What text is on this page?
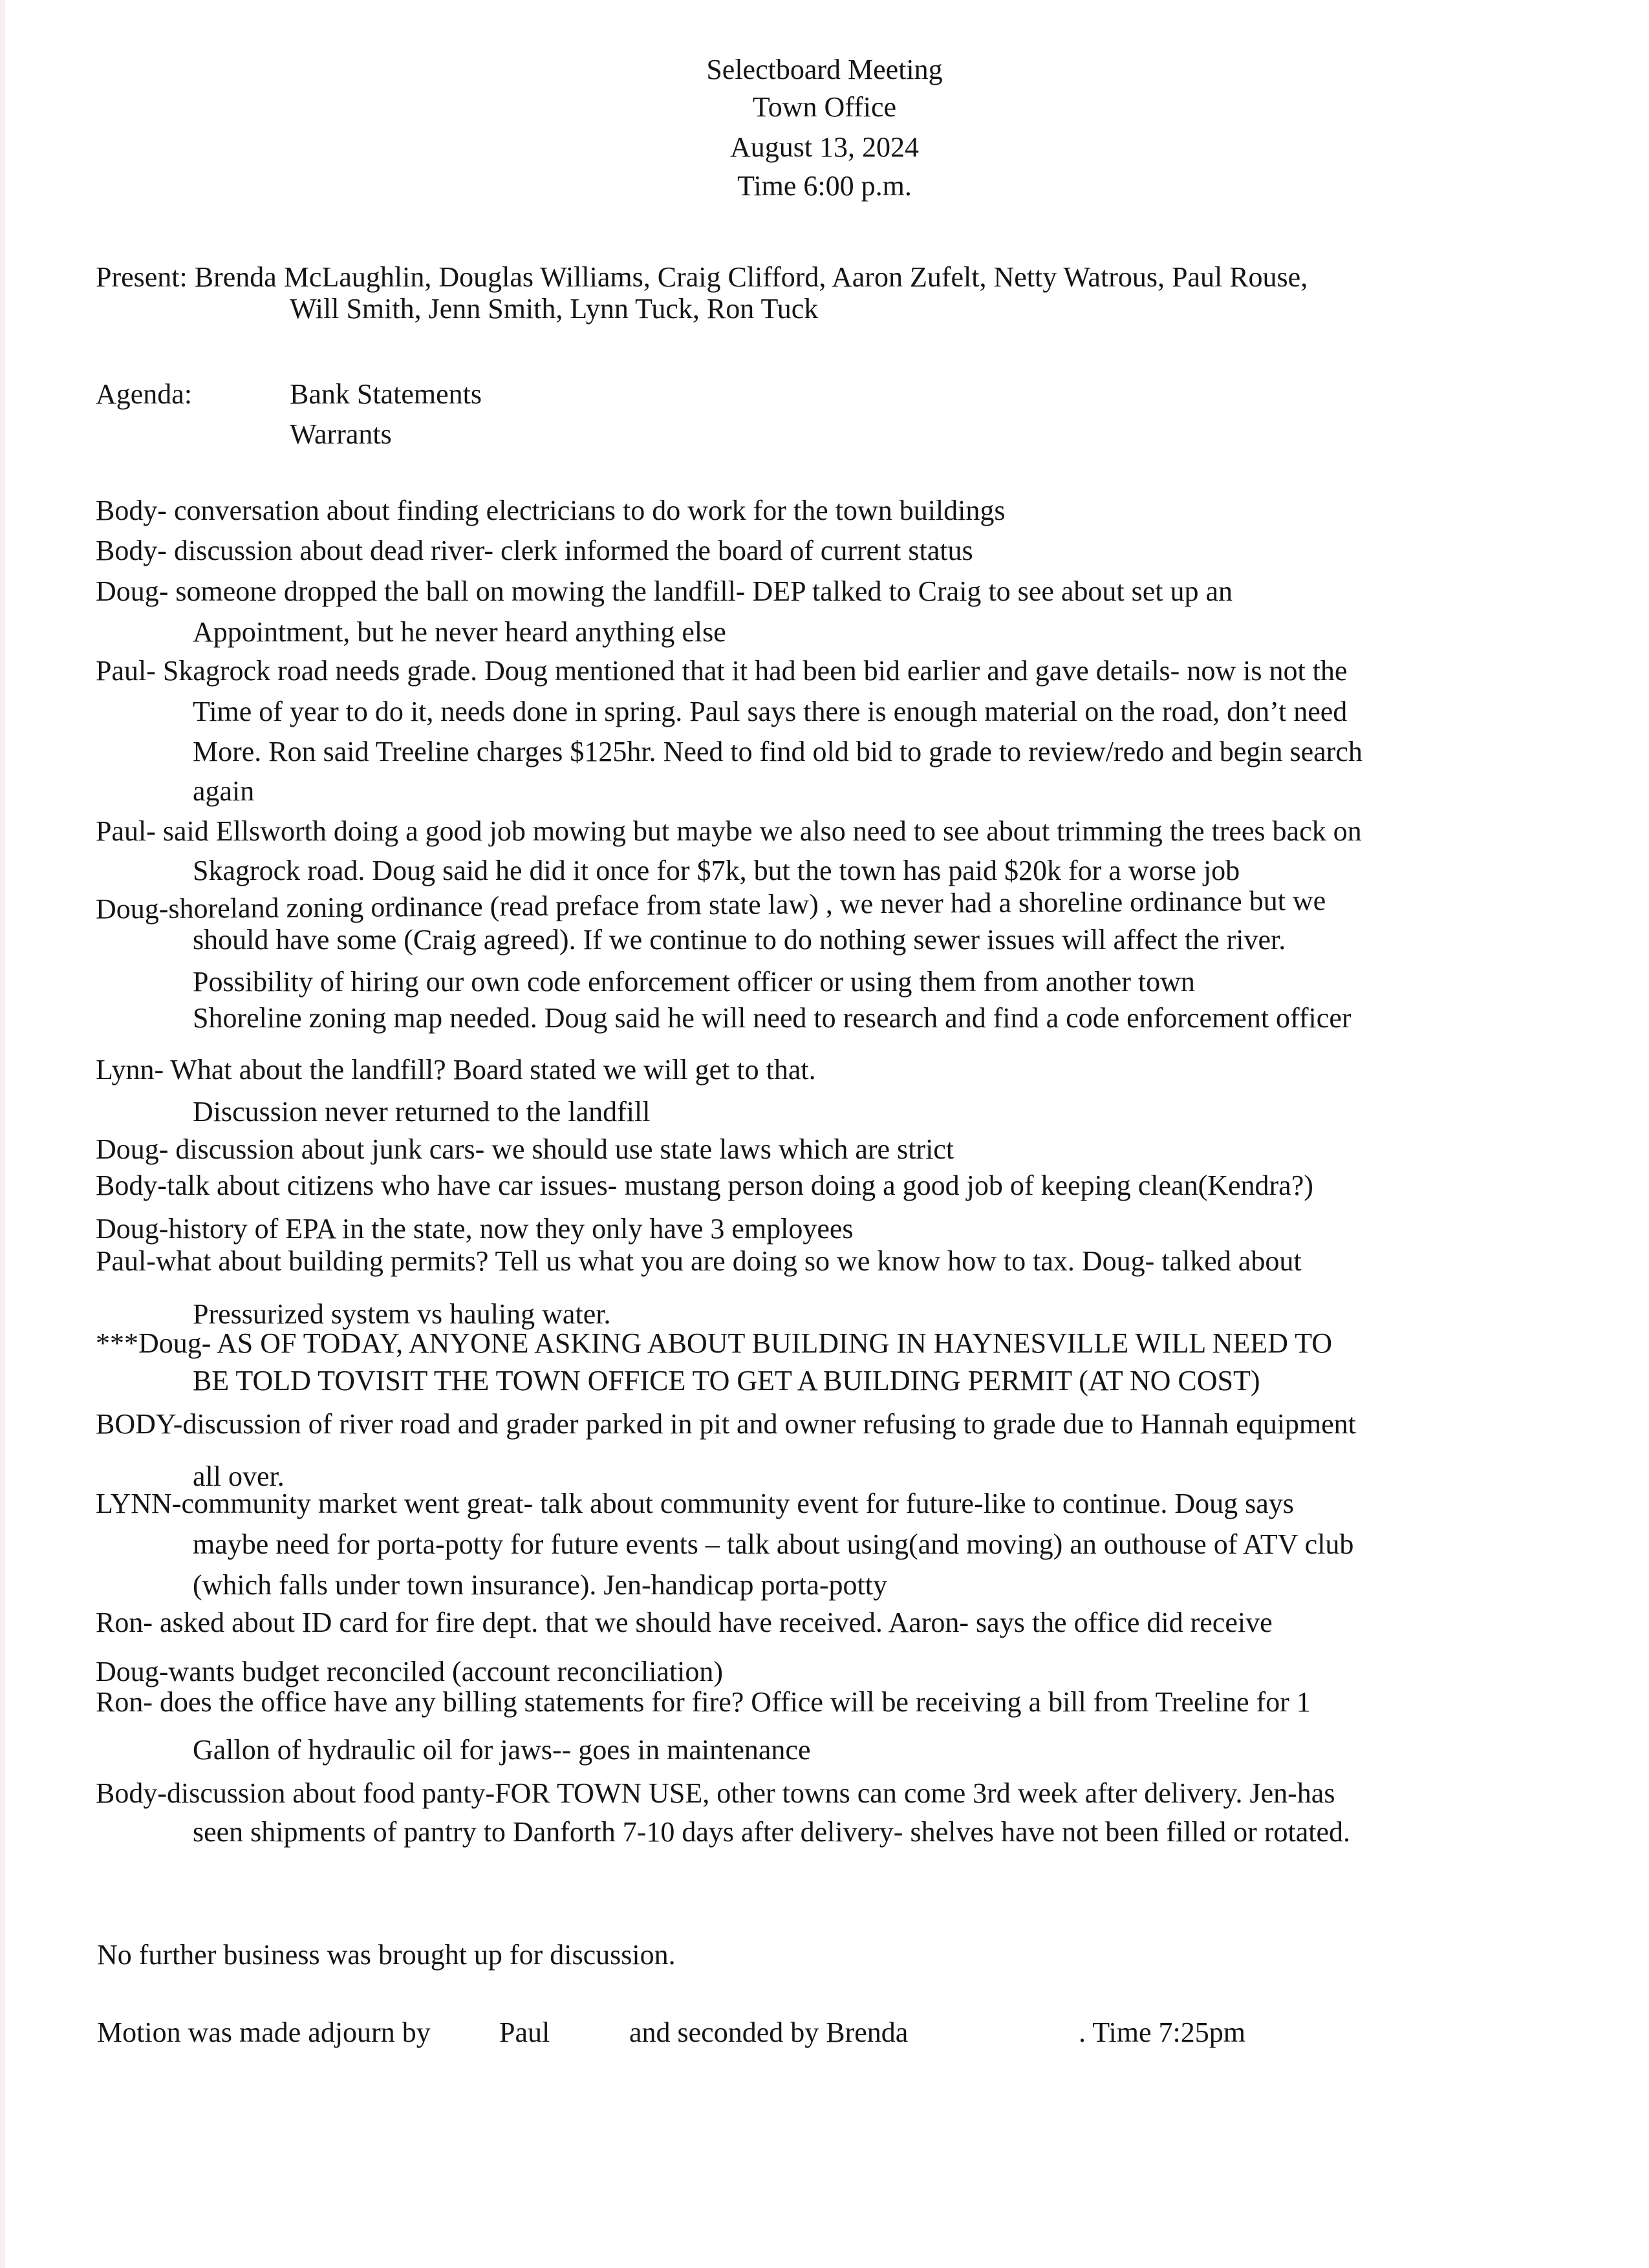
Selectboard Meeting
Town Office
August 13, 2024
Time 6:00 p.m.
Present: Brenda McLaughlin, Douglas Williams, Craig Clifford, Aaron Zufelt, Netty Watrous, Paul Rouse,
Will Smith, Jenn Smith, Lynn Tuck, Ron Tuck
Agenda:	Bank Statements
Warrants
Body- conversation about finding electricians to do work for the town buildings
Body- discussion about dead river- clerk informed the board of current status
Doug- someone dropped the ball on mowing the landfill- DEP talked to Craig to see about set up an
Appointment, but he never heard anything else
Paul- Skagrock road needs grade. Doug mentioned that it had been bid earlier and gave details- now is not the
Time of year to do it, needs done in spring. Paul says there is enough material on the road, don’t need
More. Ron said Treeline charges $125hr. Need to find old bid to grade to review/redo and begin search
again
Paul- said Ellsworth doing a good job mowing but maybe we also need to see about trimming the trees back on
Skagrock road. Doug said he did it once for $7k, but the town has paid $20k for a worse job
Doug-shoreland zoning ordinance (read preface from state law) , we never had a shoreline ordinance but we
should have some (Craig agreed). If we continue to do nothing sewer issues will affect the river.
Possibility of hiring our own code enforcement officer or using them from another town
Shoreline zoning map needed. Doug said he will need to research and find a code enforcement officer
Lynn- What about the landfill? Board stated we will get to that.
Discussion never returned to the landfill
Doug- discussion about junk cars- we should use state laws which are strict
Body-talk about citizens who have car issues- mustang person doing a good job of keeping clean(Kendra?)
Doug-history of EPA in the state, now they only have 3 employees
Paul-what about building permits? Tell us what you are doing so we know how to tax. Doug- talked about
Pressurized system vs hauling water.
***Doug- AS OF TODAY, ANYONE ASKING ABOUT BUILDING IN HAYNESVILLE WILL NEED TO
BE TOLD TOVISIT THE TOWN OFFICE TO GET A BUILDING PERMIT (AT NO COST)
BODY-discussion of river road and grader parked in pit and owner refusing to grade due to Hannah equipment
all over.
LYNN-community market went great- talk about community event for future-like to continue. Doug says
maybe need for porta-potty for future events – talk about using(and moving) an outhouse of ATV club
(which falls under town insurance). Jen-handicap porta-potty
Ron- asked about ID card for fire dept. that we should have received. Aaron- says the office did receive
Doug-wants budget reconciled (account reconciliation)
Ron- does the office have any billing statements for fire? Office will be receiving a bill from Treeline for 1
Gallon of hydraulic oil for jaws-- goes in maintenance
Body-discussion about food panty-FOR TOWN USE, other towns can come 3rd week after delivery. Jen-has
seen shipments of pantry to Danforth 7-10 days after delivery- shelves have not been filled or rotated.
No further business was brought up for discussion.
Motion was made adjourn by Paul	and seconded by Brenda	. Time 7:25pm
